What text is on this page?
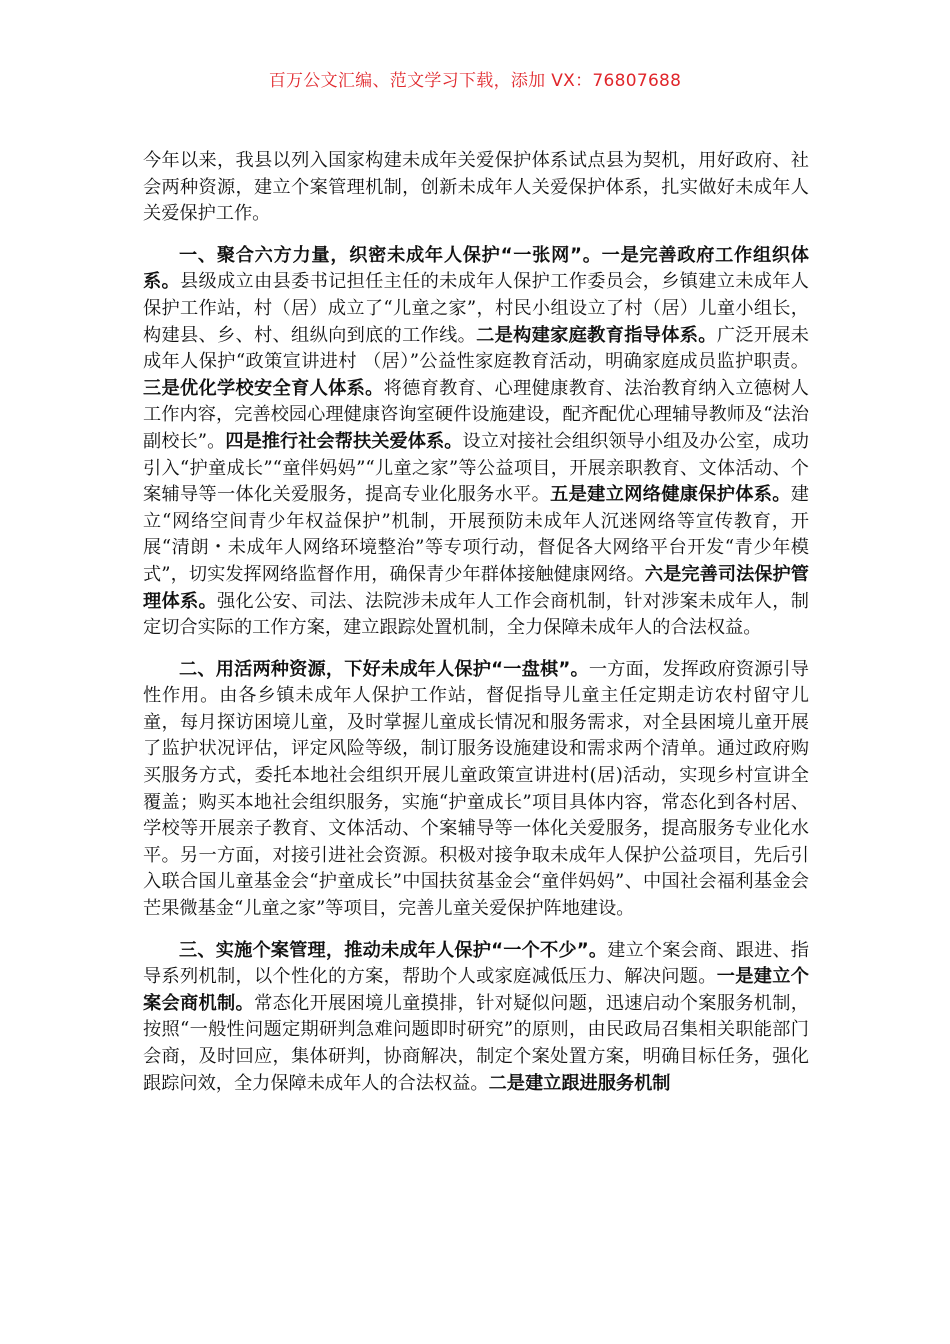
百万公文汇编、范文学习下载，添加 VX：76807688

今年以来，我县以列入国家构建未成年关爱保护体系试点县为契机，用好政府、社会两种资源，建立个案管理机制，创新未成年人关爱保护体系，扎实做好未成年人关爱保护工作。

一、聚合六方力量，织密未成年人保护“一张网”。一是完善政府工作组织体系。县级成立由县委书记担任主任的未成年人保护工作委员会，乡镇建立未成年人保护工作站，村（居）成立了“儿童之家”，村民小组设立了村（居）儿童小组长，构建县、乡、村、组纵向到底的工作线。二是构建家庭教育指导体系。广泛开展未成年人保护“政策宣讲进村 （居）”公益性家庭教育活动，明确家庭成员监护职责。三是优化学校安全育人体系。将德育教育、心理健康教育、法治教育纳入立德树人工作内容，完善校园心理健康咨询室硬件设施建设，配齐配优心理辅导教师及“法治副校长”。四是推行社会帮扶关爱体系。设立对接社会组织领导小组及办公室，成功引入“护童成长”“童伴妈妈”“儿童之家”等公益项目，开展亲职教育、文体活动、个案辅导等一体化关爱服务，提高专业化服务水平。五是建立网络健康保护体系。建立“网络空间青少年权益保护”机制，开展预防未成年人沉迷网络等宣传教育，开展“清朗・未成年人网络环境整治”等专项行动，督促各大网络平台开发“青少年模式”，切实发挥网络监督作用，确保青少年群体接触健康网络。六是完善司法保护管理体系。强化公安、司法、法院涉未成年人工作会商机制，针对涉案未成年人，制定切合实际的工作方案，建立跟踪处置机制，全力保障未成年人的合法权益。

二、用活两种资源，下好未成年人保护“一盘棋”。一方面，发挥政府资源引导性作用。由各乡镇未成年人保护工作站，督促指导儿童主任定期走访农村留守儿童，每月探访困境儿童，及时掌握儿童成长情况和服务需求，对全县困境儿童开展了监护状况评估，评定风险等级，制订服务设施建设和需求两个清单。通过政府购买服务方式，委托本地社会组织开展儿童政策宣讲进村(居)活动，实现乡村宣讲全覆盖；购买本地社会组织服务，实施“护童成长”项目具体内容，常态化到各村居、学校等开展亲子教育、文体活动、个案辅导等一体化关爱服务，提高服务专业化水平。另一方面，对接引进社会资源。积极对接争取未成年人保护公益项目，先后引入联合国儿童基金会“护童成长”中国扶贫基金会“童伴妈妈”、中国社会福利基金会芒果微基金“儿童之家”等项目，完善儿童关爱保护阵地建设。

三、实施个案管理，推动未成年人保护“一个不少”。建立个案会商、跟进、指导系列机制，以个性化的方案，帮助个人或家庭减低压力、解决问题。一是建立个案会商机制。常态化开展困境儿童摸排，针对疑似问题，迅速启动个案服务机制，按照“一般性问题定期研判急难问题即时研究”的原则，由民政局召集相关职能部门会商，及时回应，集体研判，协商解决，制定个案处置方案，明确目标任务，强化跟踪问效，全力保障未成年人的合法权益。二是建立跟进服务机制
